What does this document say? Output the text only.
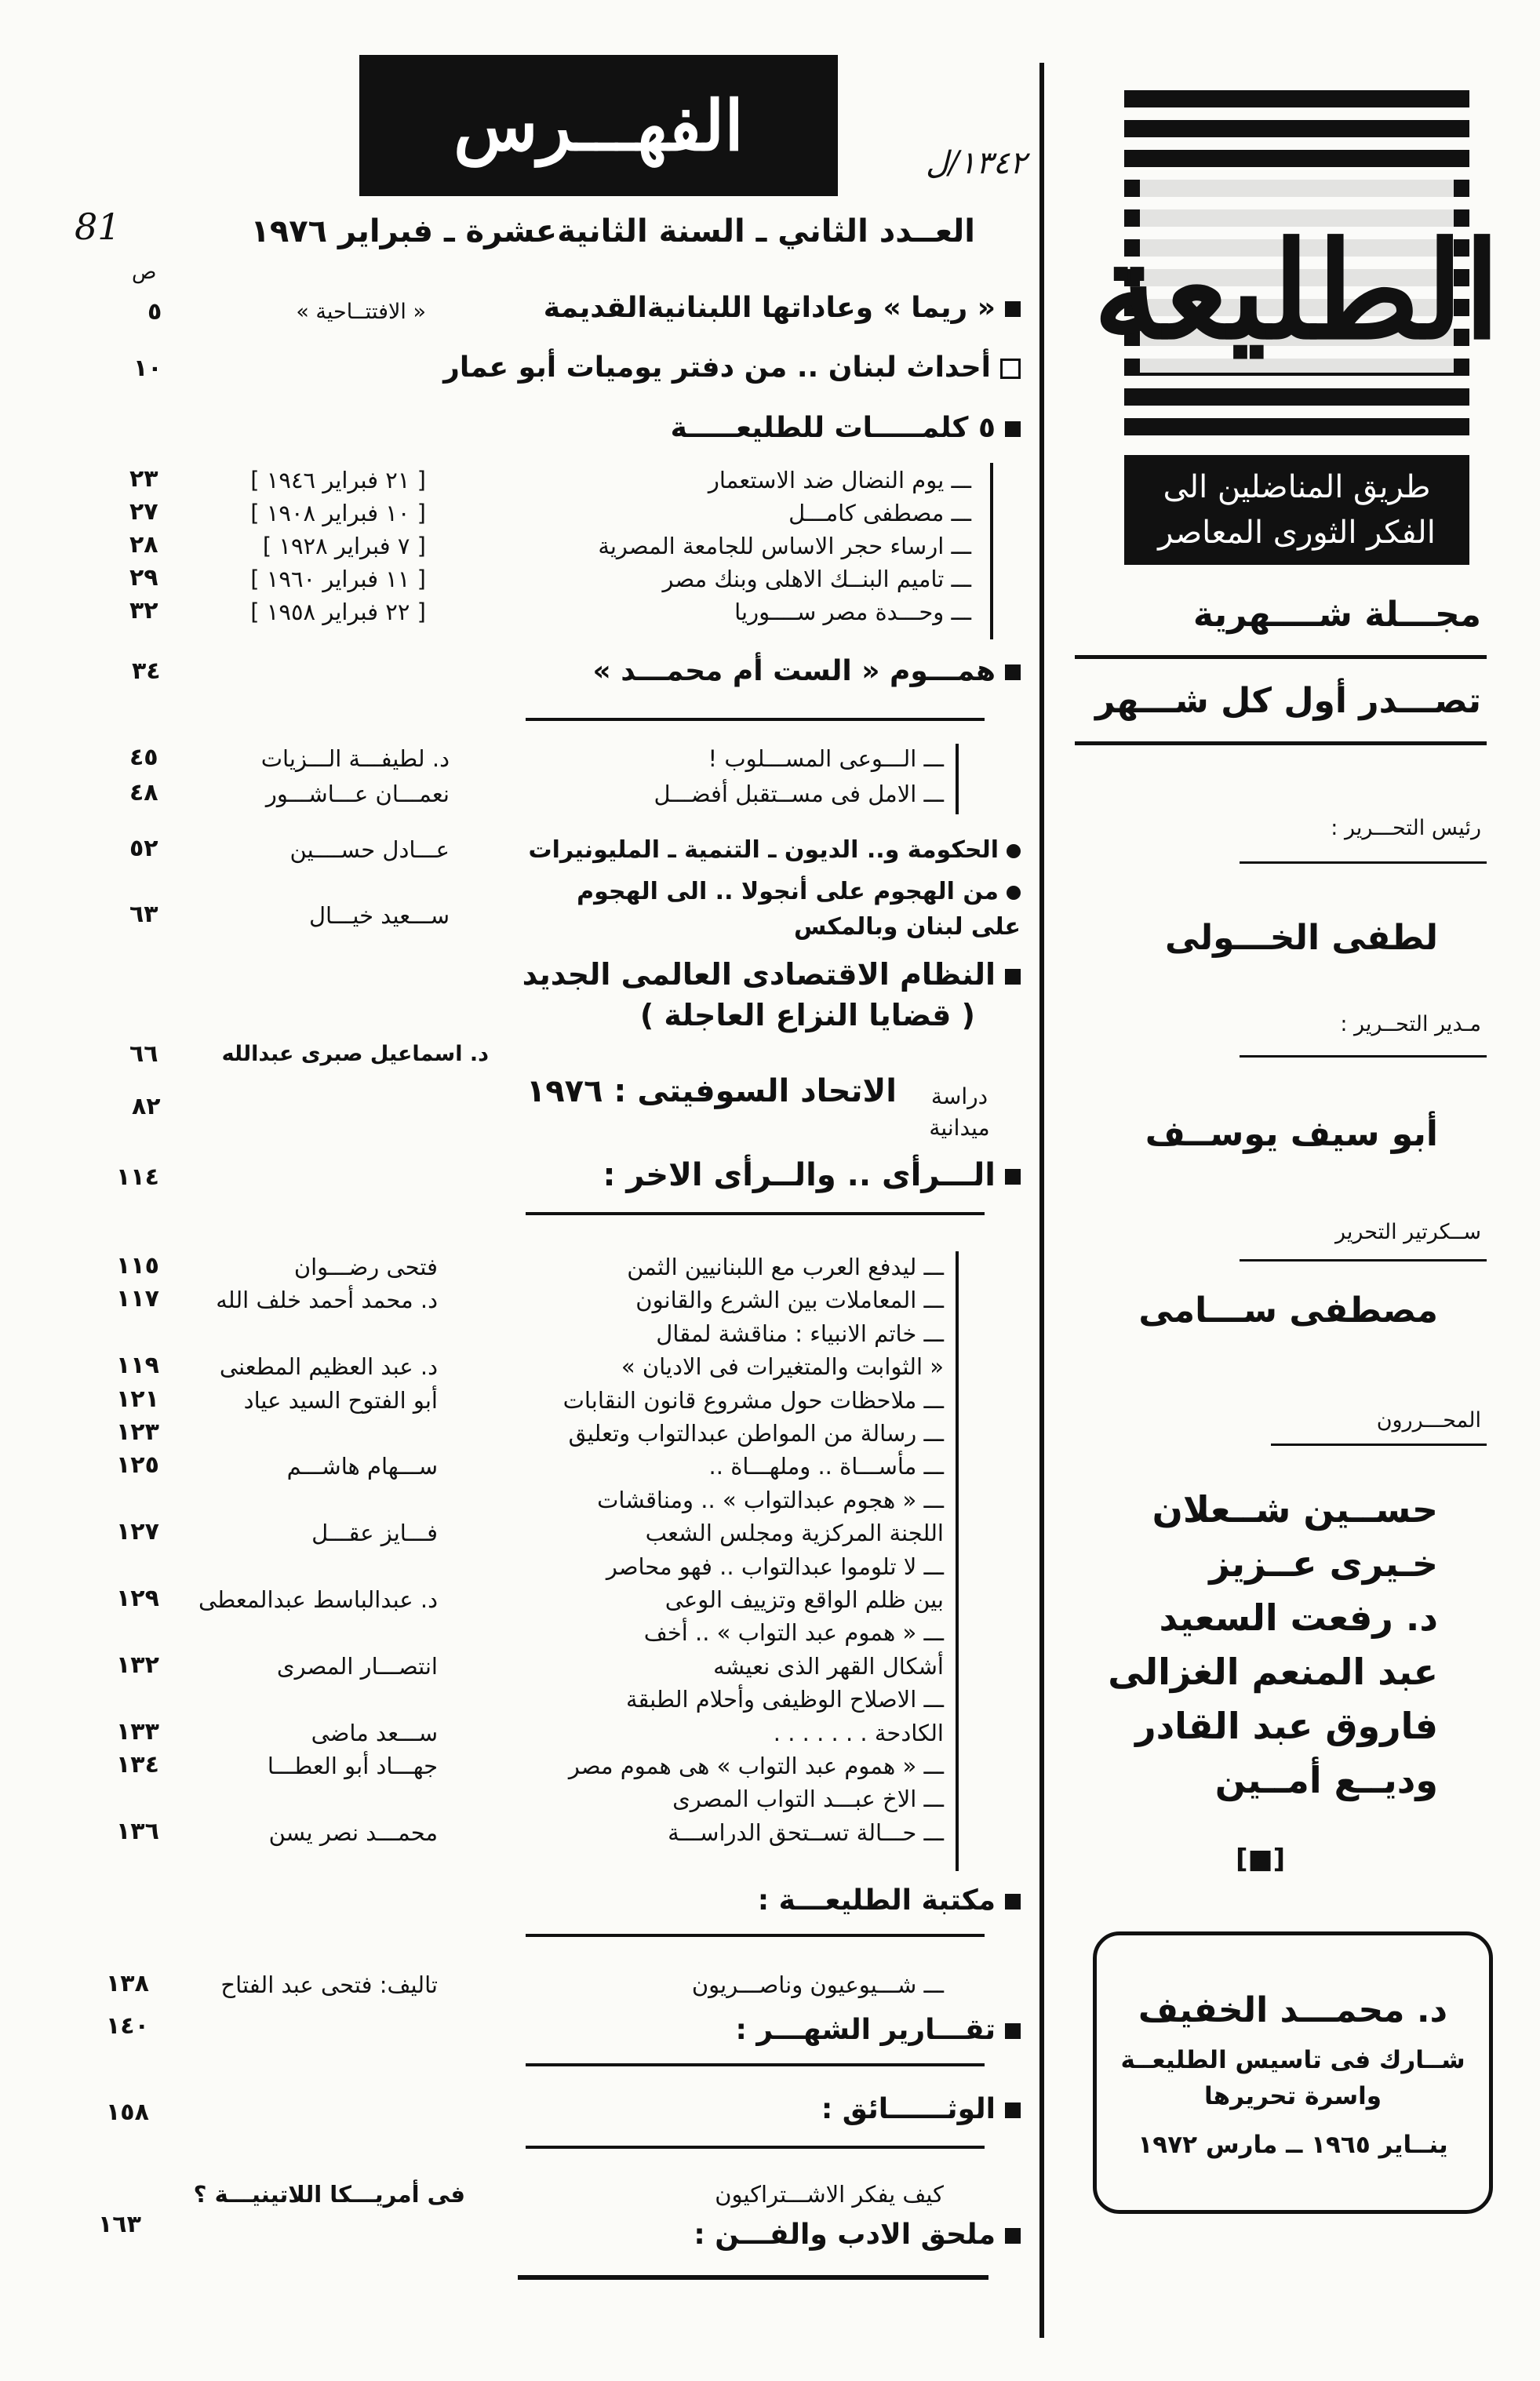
الطليعة
طريق المناضلين الى
الفكر الثورى المعاصر
مجـــلة شــــهرية
تصـــدر أول كل شـــهر
رئيس التحـــرير :
لطفى الخـــولى
مـدير التحــرير :
أبو سيف يوســف
ســكرتير التحرير
مصطفى ســـامى
المحـــررون
حســين شــعلان
خـيرى عــزيز
د. رفعت السعيد
عبد المنعم الغزالى
فاروق عبد القادر
وديــع أمــين
[■]
د. محمـــد الخفيف
شــارك فى تاسيس الطليعــة
واسرة تحريرها
ينــاير ١٩٦٥ ــ مارس ١٩٧٢
الفهـــرس	١٣٤٢/ل
81	العــدد الثاني ـ السنة الثانيةعشرة ـ فبراير ١٩٧٦
ص
« ريما » وعاداتها اللبنانيةالقديمة
« الافتتــاحية »
٥
أحداث لبنان .. من دفتر يوميات أبو عمار
١٠
٥ كلمـــــات للطليعـــــة
ـــ يوم النضال ضد الاستعمار
[ ٢١ فبراير ١٩٤٦ ]
٢٣
ـــ مصطفى كامـــل
[ ١٠ فبراير ١٩٠٨ ]
٢٧
ـــ ارساء حجر الاساس للجامعة المصرية
[ ٧ فبراير ١٩٢٨ ]
٢٨
ـــ تاميم البنــك الاهلى وبنك مصر
[ ١١ فبراير ١٩٦٠ ]
٢٩
ـــ وحـــدة مصر ســــوريا
[ ٢٢ فبراير ١٩٥٨ ]
٣٢
همـــوم « الست أم محمـــد »
٣٤
ـــ الـــوعى المســـلوب !
د. لطيفـــة الـــزيات
٤٥
ـــ الامل فى مســتقبل أفضـــل
نعمـــان عـــاشـــور
٤٨
الحكومة و.. الديون ـ التنمية ـ المليونيرات
عـــادل حســــين
٥٢
من الهجوم على أنجولا .. الى الهجوم على لبنان وبالمكس
ســـعيد خيـــال
٦٣
النظام الاقتصادى العالمى الجديد
( قضايا النزاع العاجلة )
د. اسماعيل صبرى عبدالله
٦٦
دراسة ميدانية
الاتحاد السوفيتى : ١٩٧٦
٨٢
الـــرأى .. والــرأى الاخر :
١١٤
ـــ ليدفع العرب مع اللبنانيين الثمن
فتحى رضـــوان
١١٥
ـــ المعاملات بين الشرع والقانون
د. محمد أحمد خلف الله
١١٧
ـــ خاتم الانبياء : مناقشة لمقال
« الثوابت والمتغيرات فى الاديان »
د. عبد العظيم المطعنى
١١٩
ـــ ملاحظات حول مشروع قانون النقابات
أبو الفتوح السيد عياد
١٢١
ـــ رسالة من المواطن عبدالتواب وتعليق
١٢٣
ـــ مأســـاة .. وملهـــاة ..
ســـهام هاشـــم
١٢٥
ـــ « هجوم عبدالتواب » .. ومناقشات
اللجنة المركزية ومجلس الشعب
فـــايز عقـــل
١٢٧
ـــ لا تلوموا عبدالتواب .. فهو محاصر
بين ظلم الواقع وتزييف الوعى
د. عبدالباسط عبدالمعطى
١٢٩
ـــ « هموم عبد التواب » .. أخف
أشكال القهر الذى نعيشه
انتصـــار المصرى
١٣٢
ـــ الاصلاح الوظيفى وأحلام الطبقة
الكادحة . . . . . . .
ســـعد ماضى
١٣٣
ـــ « هموم عبد التواب » هى هموم مصر
جهـــاد أبو العطـــا
١٣٤
ـــ الاخ عبـــد التواب المصرى
ـــ حـــالة تســتحق الدراســـة
محمـــد نصر يسن
١٣٦
مكتبة الطليعـــة :
ـــ شـــيوعيون وناصـــريون
تاليف: فتحى عبد الفتاح
١٣٨
تقـــارير الشهـــر :
١٤٠
الوثــــــائق :
١٥٨
كيف يفكر الاشـــتراكيون
فى أمريـــكا اللاتينيـــة ؟
ملحق الادب والفـــن :
١٦٣
